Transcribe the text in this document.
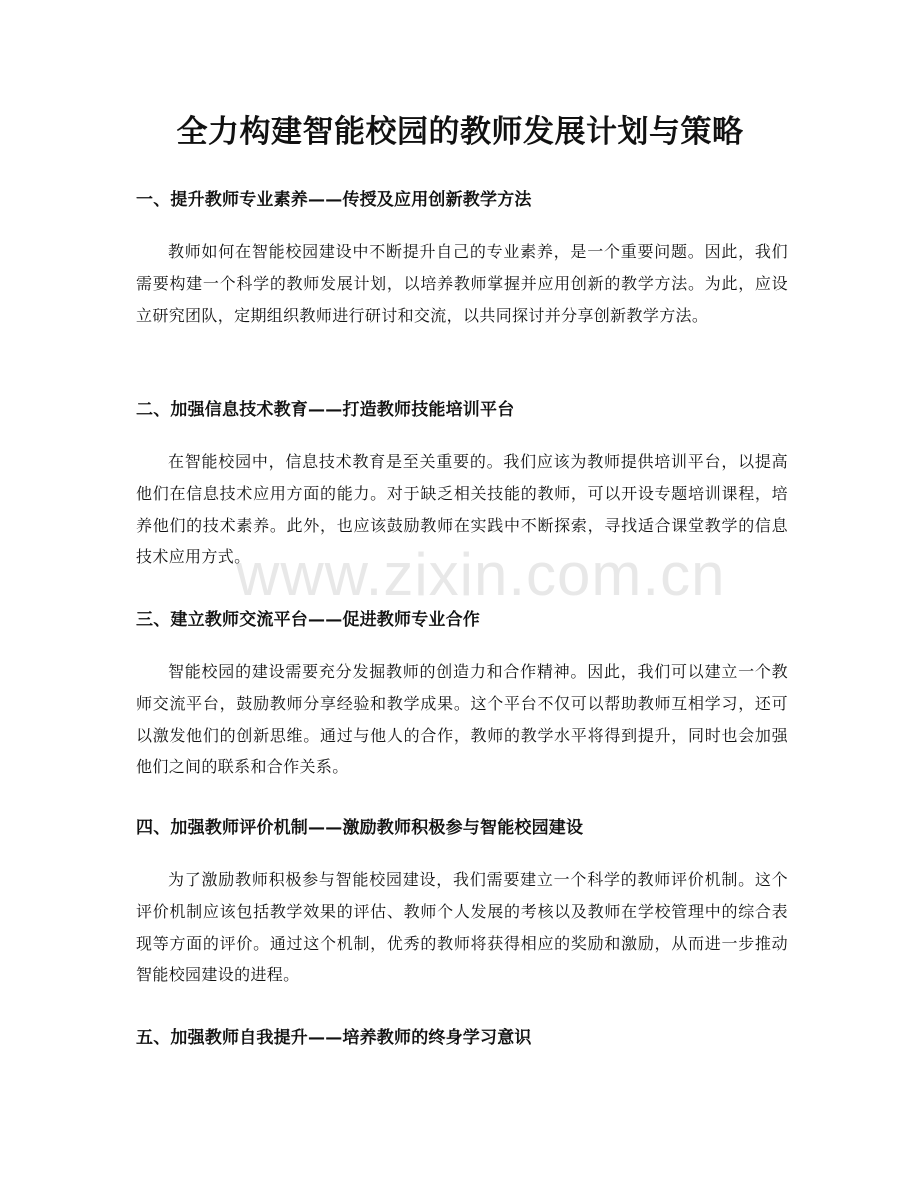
全力构建智能校园的教师发展计划与策略
一、提升教师专业素养——传授及应用创新教学方法

教师如何在智能校园建设中不断提升自己的专业素养，是一个重要问题。因此，我们需要构建一个科学的教师发展计划，以培养教师掌握并应用创新的教学方法。为此，应设立研究团队，定期组织教师进行研讨和交流，以共同探讨并分享创新教学方法。

二、加强信息技术教育——打造教师技能培训平台

在智能校园中，信息技术教育是至关重要的。我们应该为教师提供培训平台，以提高他们在信息技术应用方面的能力。对于缺乏相关技能的教师，可以开设专题培训课程，培养他们的技术素养。此外，也应该鼓励教师在实践中不断探索，寻找适合课堂教学的信息技术应用方式。

三、建立教师交流平台——促进教师专业合作

智能校园的建设需要充分发掘教师的创造力和合作精神。因此，我们可以建立一个教师交流平台，鼓励教师分享经验和教学成果。这个平台不仅可以帮助教师互相学习，还可以激发他们的创新思维。通过与他人的合作，教师的教学水平将得到提升，同时也会加强他们之间的联系和合作关系。

四、加强教师评价机制——激励教师积极参与智能校园建设

为了激励教师积极参与智能校园建设，我们需要建立一个科学的教师评价机制。这个评价机制应该包括教学效果的评估、教师个人发展的考核以及教师在学校管理中的综合表现等方面的评价。通过这个机制，优秀的教师将获得相应的奖励和激励，从而进一步推动智能校园建设的进程。

五、加强教师自我提升——培养教师的终身学习意识
www.zixin.com.cn
